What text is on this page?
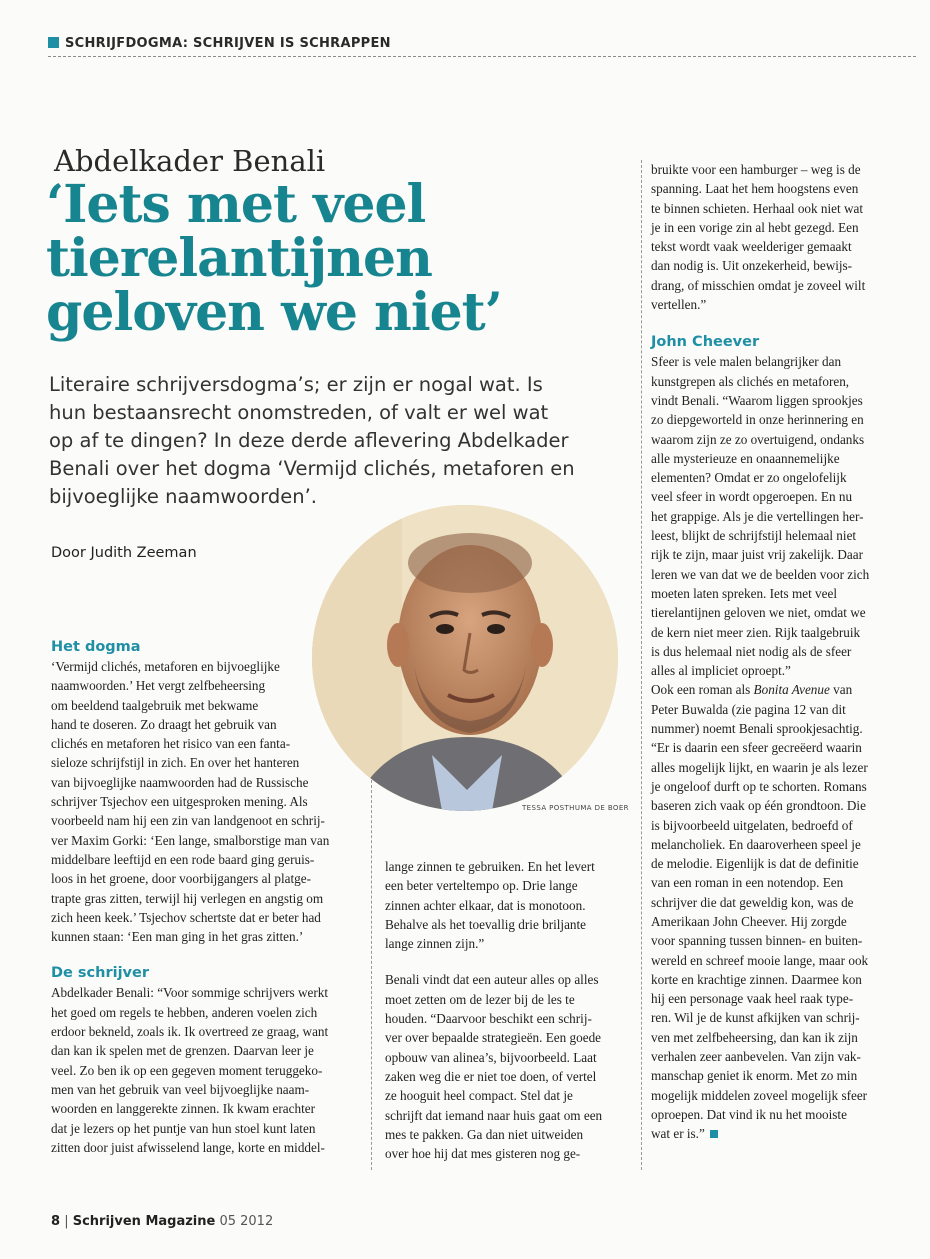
SCHRIJFDOGMA: SCHRIJVEN IS SCHRAPPEN
Abdelkader Benali
‘Iets met veel
tierelantijnen
geloven we niet’
Literaire schrijversdogma’s; er zijn er nogal wat. Is
hun bestaansrecht onomstreden, of valt er wel wat
op af te dingen? In deze derde aflevering Abdelkader
Benali over het dogma ‘Vermijd clichés, metaforen en
bijvoeglijke naamwoorden’.
Door Judith Zeeman
TESSA POSTHUMA DE BOER
Het dogma
‘Vermijd clichés, metaforen en bijvoeglijke
naamwoorden.’ Het vergt zelfbeheersing
om beeldend taalgebruik met bekwame
hand te doseren. Zo draagt het gebruik van
clichés en metaforen het risico van een fanta-
sieloze schrijfstijl in zich. En over het hanteren
van bijvoeglijke naamwoorden had de Russische
schrijver Tsjechov een uitgesproken mening. Als
voorbeeld nam hij een zin van landgenoot en schrij-
ver Maxim Gorki: ‘Een lange, smalborstige man van
middelbare leeftijd en een rode baard ging geruis-
loos in het groene, door voorbijgangers al platge-
trapte gras zitten, terwijl hij verlegen en angstig om
zich heen keek.’ Tsjechov schertste dat er beter had
kunnen staan: ‘Een man ging in het gras zitten.’
De schrijver
Abdelkader Benali: “Voor sommige schrijvers werkt
het goed om regels te hebben, anderen voelen zich
erdoor bekneld, zoals ik. Ik overtreed ze graag, want
dan kan ik spelen met de grenzen. Daarvan leer je
veel. Zo ben ik op een gegeven moment teruggeko-
men van het gebruik van veel bijvoeglijke naam-
woorden en langgerekte zinnen. Ik kwam erachter
dat je lezers op het puntje van hun stoel kunt laten
zitten door juist afwisselend lange, korte en middel-
lange zinnen te gebruiken. En het levert
een beter verteltempo op. Drie lange
zinnen achter elkaar, dat is monotoon.
Behalve als het toevallig drie briljante
lange zinnen zijn.”
Benali vindt dat een auteur alles op alles
moet zetten om de lezer bij de les te
houden. “Daarvoor beschikt een schrij-
ver over bepaalde strategieën. Een goede
opbouw van alinea’s, bijvoorbeeld. Laat
zaken weg die er niet toe doen, of vertel
ze hooguit heel compact. Stel dat je
schrijft dat iemand naar huis gaat om een
mes te pakken. Ga dan niet uitweiden
over hoe hij dat mes gisteren nog ge-
bruikte voor een hamburger – weg is de
spanning. Laat het hem hoogstens even
te binnen schieten. Herhaal ook niet wat
je in een vorige zin al hebt gezegd. Een
tekst wordt vaak weelderiger gemaakt
dan nodig is. Uit onzekerheid, bewijs-
drang, of misschien omdat je zoveel wilt
vertellen.”
John Cheever
Sfeer is vele malen belangrijker dan
kunstgrepen als clichés en metaforen,
vindt Benali. “Waarom liggen sprookjes
zo diepgeworteld in onze herinnering en
waarom zijn ze zo overtuigend, ondanks
alle mysterieuze en onaannemelijke
elementen? Omdat er zo ongelofelijk
veel sfeer in wordt opgeroepen. En nu
het grappige. Als je die vertellingen her-
leest, blijkt de schrijfstijl helemaal niet
rijk te zijn, maar juist vrij zakelijk. Daar
leren we van dat we de beelden voor zich
moeten laten spreken. Iets met veel
tierelantijnen geloven we niet, omdat we
de kern niet meer zien. Rijk taalgebruik
is dus helemaal niet nodig als de sfeer
alles al impliciet oproept.”
Ook een roman als Bonita Avenue van
Peter Buwalda (zie pagina 12 van dit
nummer) noemt Benali sprookjesachtig.
“Er is daarin een sfeer gecreëerd waarin
alles mogelijk lijkt, en waarin je als lezer
je ongeloof durft op te schorten. Romans
baseren zich vaak op één grondtoon. Die
is bijvoorbeeld uitgelaten, bedroefd of
melancholiek. En daaroverheen speel je
de melodie. Eigenlijk is dat de definitie
van een roman in een notendop. Een
schrijver die dat geweldig kon, was de
Amerikaan John Cheever. Hij zorgde
voor spanning tussen binnen- en buiten-
wereld en schreef mooie lange, maar ook
korte en krachtige zinnen. Daarmee kon
hij een personage vaak heel raak type-
ren. Wil je de kunst afkijken van schrij-
ven met zelfbeheersing, dan kan ik zijn
verhalen zeer aanbevelen. Van zijn vak-
manschap geniet ik enorm. Met zo min
mogelijk middelen zoveel mogelijk sfeer
oproepen. Dat vind ik nu het mooiste
wat er is.”
8 | Schrijven Magazine 05 2012
